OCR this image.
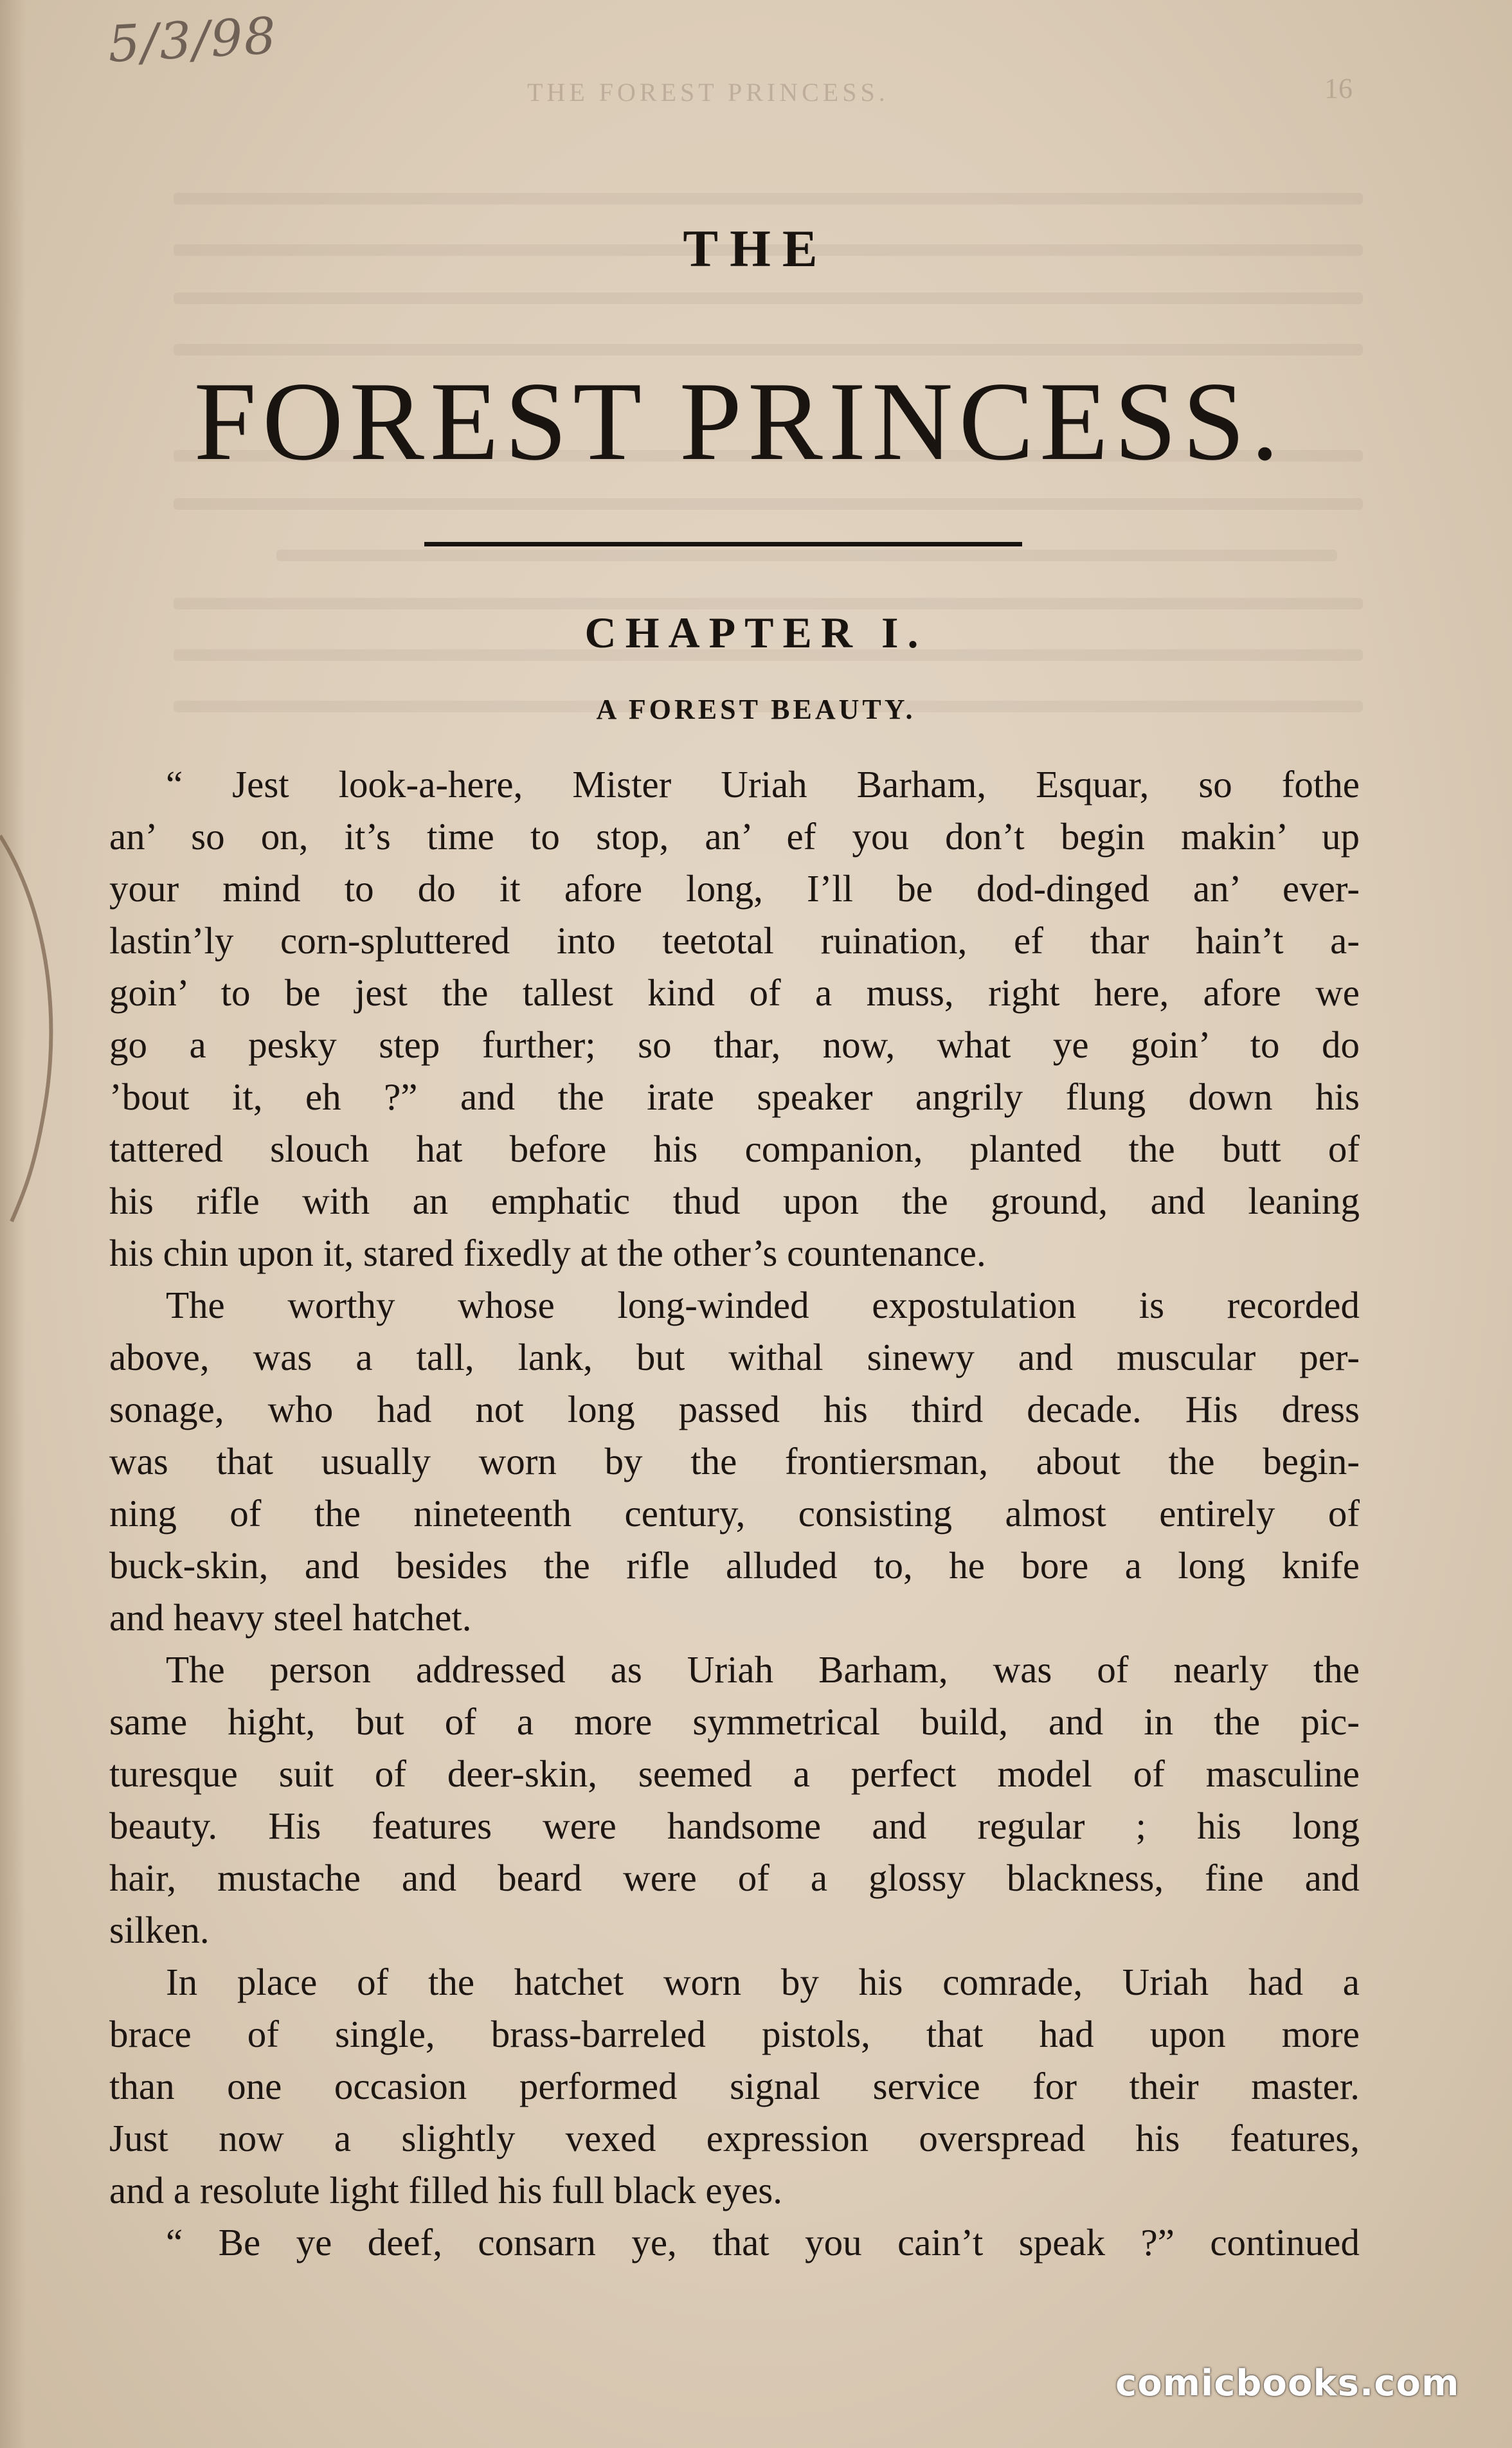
5/3/98
THE FOREST PRINCESS.	16
THE
FOREST PRINCESS.
CHAPTER I.
A FOREST BEAUTY.
“ Jest look-a-here, Mister Uriah Barham, Esquar, so fothe
an’ so on, it’s time to stop, an’ ef you don’t begin makin’ up
your mind to do it afore long, I’ll be dod-dinged an’ ever-
lastin’ly corn-spluttered into teetotal ruination, ef thar hain’t a-
goin’ to be jest the tallest kind of a muss, right here, afore we
go a pesky step further; so thar, now, what ye goin’ to do
’bout it, eh ?” and the irate speaker angrily flung down his
tattered slouch hat before his companion, planted the butt of
his rifle with an emphatic thud upon the ground, and leaning
his chin upon it, stared fixedly at the other’s countenance.
The worthy whose long-winded expostulation is recorded
above, was a tall, lank, but withal sinewy and muscular per-
sonage, who had not long passed his third decade. His dress
was that usually worn by the frontiersman, about the begin-
ning of the nineteenth century, consisting almost entirely of
buck-skin, and besides the rifle alluded to, he bore a long knife
and heavy steel hatchet.
The person addressed as Uriah Barham, was of nearly the
same hight, but of a more symmetrical build, and in the pic-
turesque suit of deer-skin, seemed a perfect model of masculine
beauty. His features were handsome and regular ; his long
hair, mustache and beard were of a glossy blackness, fine and
silken.
In place of the hatchet worn by his comrade, Uriah had a
brace of single, brass-barreled pistols, that had upon more
than one occasion performed signal service for their master.
Just now a slightly vexed expression overspread his features,
and a resolute light filled his full black eyes.
“ Be ye deef, consarn ye, that you cain’t speak ?” continued
comicbooks.com
